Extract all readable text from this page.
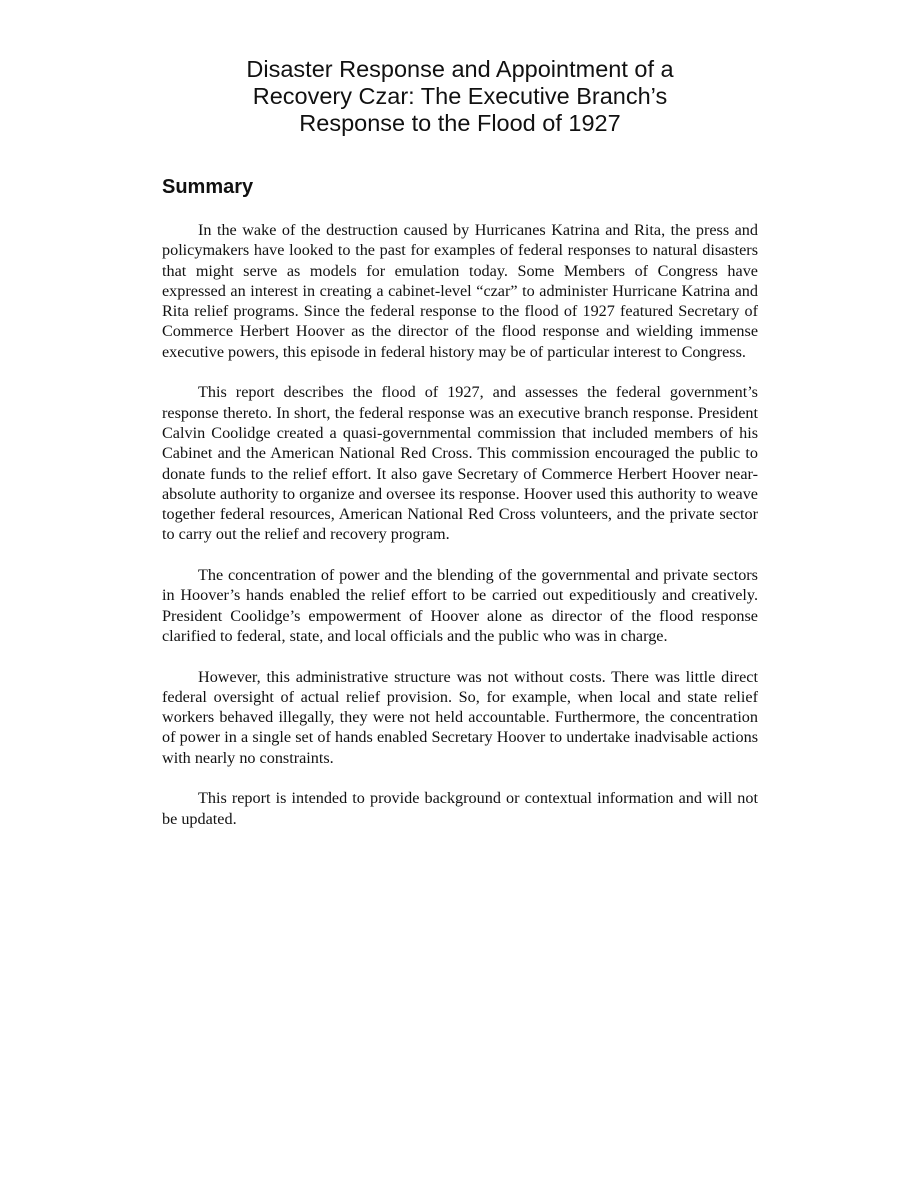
Disaster Response and Appointment of a
Recovery Czar: The Executive Branch’s
Response to the Flood of 1927
Summary

In the wake of the destruction caused by Hurricanes Katrina and Rita, the press and policymakers have looked to the past for examples of federal responses to natural disasters that might serve as models for emulation today. Some Members of Congress have expressed an interest in creating a cabinet-level “czar” to administer Hurricane Katrina and Rita relief programs. Since the federal response to the flood of 1927 featured Secretary of Commerce Herbert Hoover as the director of the flood response and wielding immense executive powers, this episode in federal history may be of particular interest to Congress.

This report describes the flood of 1927, and assesses the federal government’s response thereto. In short, the federal response was an executive branch response. President Calvin Coolidge created a quasi-governmental commission that included members of his Cabinet and the American National Red Cross. This commission encouraged the public to donate funds to the relief effort. It also gave Secretary of Commerce Herbert Hoover near-absolute authority to organize and oversee its response. Hoover used this authority to weave together federal resources, American National Red Cross volunteers, and the private sector to carry out the relief and recovery program.

The concentration of power and the blending of the governmental and private sectors in Hoover’s hands enabled the relief effort to be carried out expeditiously and creatively. President Coolidge’s empowerment of Hoover alone as director of the flood response clarified to federal, state, and local officials and the public who was in charge.

However, this administrative structure was not without costs. There was little direct federal oversight of actual relief provision. So, for example, when local and state relief workers behaved illegally, they were not held accountable. Furthermore, the concentration of power in a single set of hands enabled Secretary Hoover to undertake inadvisable actions with nearly no constraints.

This report is intended to provide background or contextual information and will not be updated.
